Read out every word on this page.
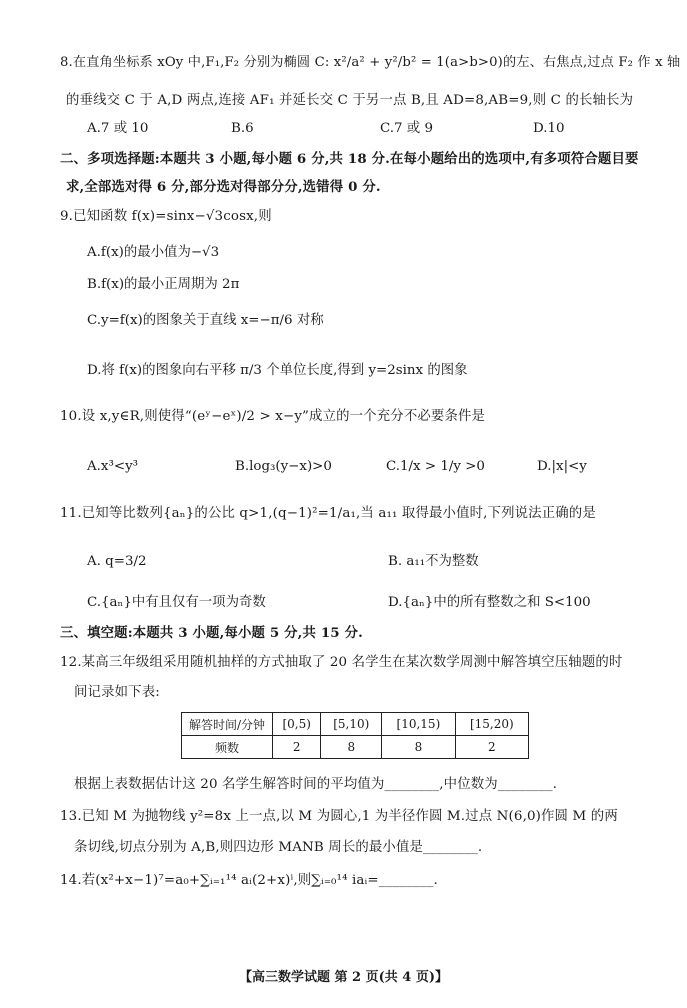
8.在直角坐标系 xOy 中,F₁,F₂ 分别为椭圆 C: x²/a² + y²/b² = 1(a>b>0)的左、右焦点,过点 F₂ 作 x 轴
的垂线交 C 于 A,D 两点,连接 AF₁ 并延长交 C 于另一点 B,且 AD=8,AB=9,则 C 的长轴长为
A.7 或 10	B.6	C.7 或 9	D.10
二、多项选择题:本题共 3 小题,每小题 6 分,共 18 分.在每小题给出的选项中,有多项符合题目要
求,全部选对得 6 分,部分选对得部分分,选错得 0 分.
9.已知函数 f(x)=sinx−√3cosx,则
A.f(x)的最小值为−√3
B.f(x)的最小正周期为 2π
C.y=f(x)的图象关于直线 x=−π/6 对称
D.将 f(x)的图象向右平移 π/3 个单位长度,得到 y=2sinx 的图象
10.设 x,y∈R,则使得“(eʸ−eˣ)/2 > x−y”成立的一个充分不必要条件是
A.x³<y³	B.log₃(y−x)>0	C.1/x > 1/y >0	D.|x|<y
11.已知等比数列{aₙ}的公比 q>1,(q−1)²=1/a₁,当 a₁₁ 取得最小值时,下列说法正确的是
A. q=3/2	B. a₁₁不为整数
C.{aₙ}中有且仅有一项为奇数	D.{aₙ}中的所有整数之和 S<100
三、填空题:本题共 3 小题,每小题 5 分,共 15 分.
12.某高三年级组采用随机抽样的方式抽取了 20 名学生在某次数学周测中解答填空压轴题的时
间记录如下表:
解答时间/分钟	[0,5)	[5,10)	[10,15)	[15,20)
频数	2	8	8	2
根据上表数据估计这 20 名学生解答时间的平均值为________,中位数为________.
13.已知 M 为抛物线 y²=8x 上一点,以 M 为圆心,1 为半径作圆 M.过点 N(6,0)作圆 M 的两
条切线,切点分别为 A,B,则四边形 MANB 周长的最小值是________.
14.若(x²+x−1)⁷=a₀+∑ᵢ₌₁¹⁴ aᵢ(2+x)ⁱ,则∑ᵢ₌₀¹⁴ iaᵢ=________.
【高三数学试题 第 2 页(共 4 页)】
